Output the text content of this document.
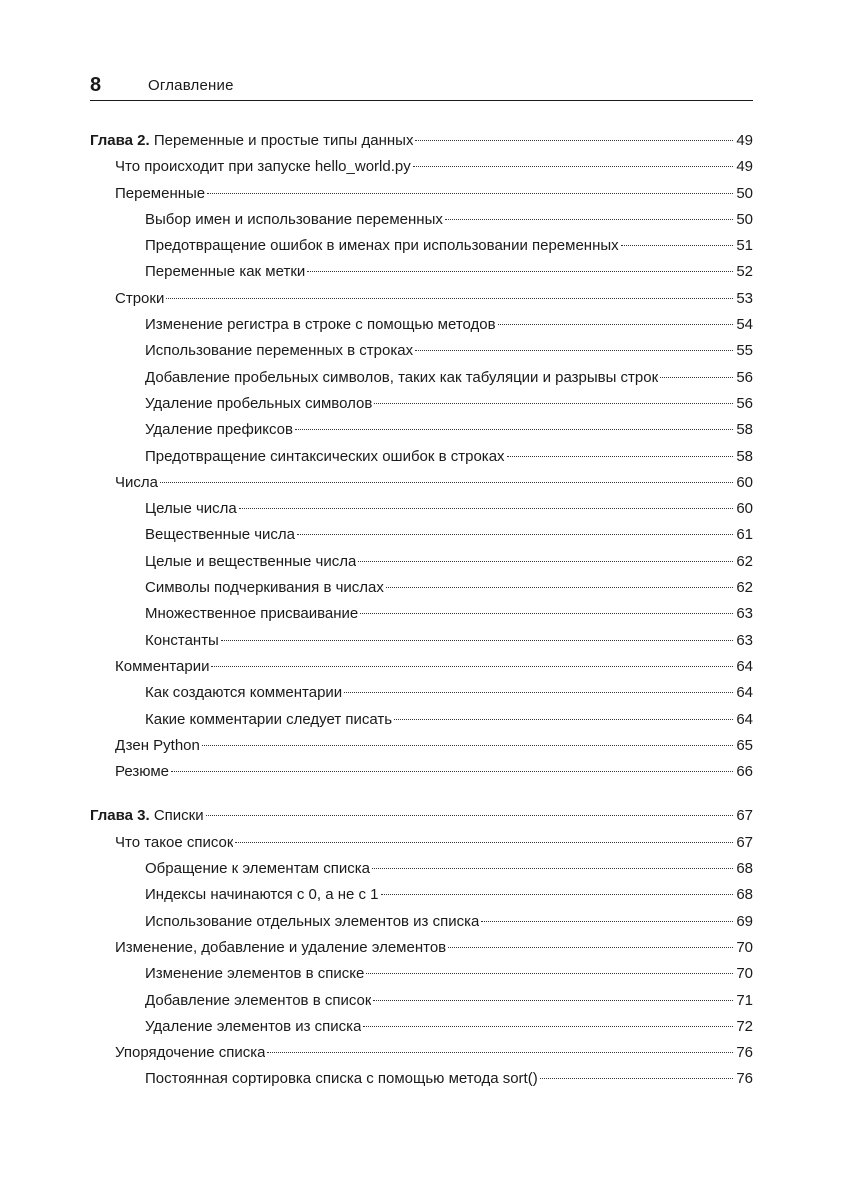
8	Оглавление
Глава 2. Переменные и простые типы данных	49
Что происходит при запуске hello_world.py	49
Переменные	50
Выбор имен и использование переменных	50
Предотвращение ошибок в именах при использовании переменных	51
Переменные как метки	52
Строки	53
Изменение регистра в строке с помощью методов	54
Использование переменных в строках	55
Добавление пробельных символов, таких как табуляции и разрывы строк	56
Удаление пробельных символов	56
Удаление префиксов	58
Предотвращение синтаксических ошибок в строках	58
Числа	60
Целые числа	60
Вещественные числа	61
Целые и вещественные числа	62
Символы подчеркивания в числах	62
Множественное присваивание	63
Константы	63
Комментарии	64
Как создаются комментарии	64
Какие комментарии следует писать	64
Дзен Python	65
Резюме	66
Глава 3. Списки	67
Что такое список	67
Обращение к элементам списка	68
Индексы начинаются с 0, а не с 1	68
Использование отдельных элементов из списка	69
Изменение, добавление и удаление элементов	70
Изменение элементов в списке	70
Добавление элементов в список	71
Удаление элементов из списка	72
Упорядочение списка	76
Постоянная сортировка списка с помощью метода sort()	76
